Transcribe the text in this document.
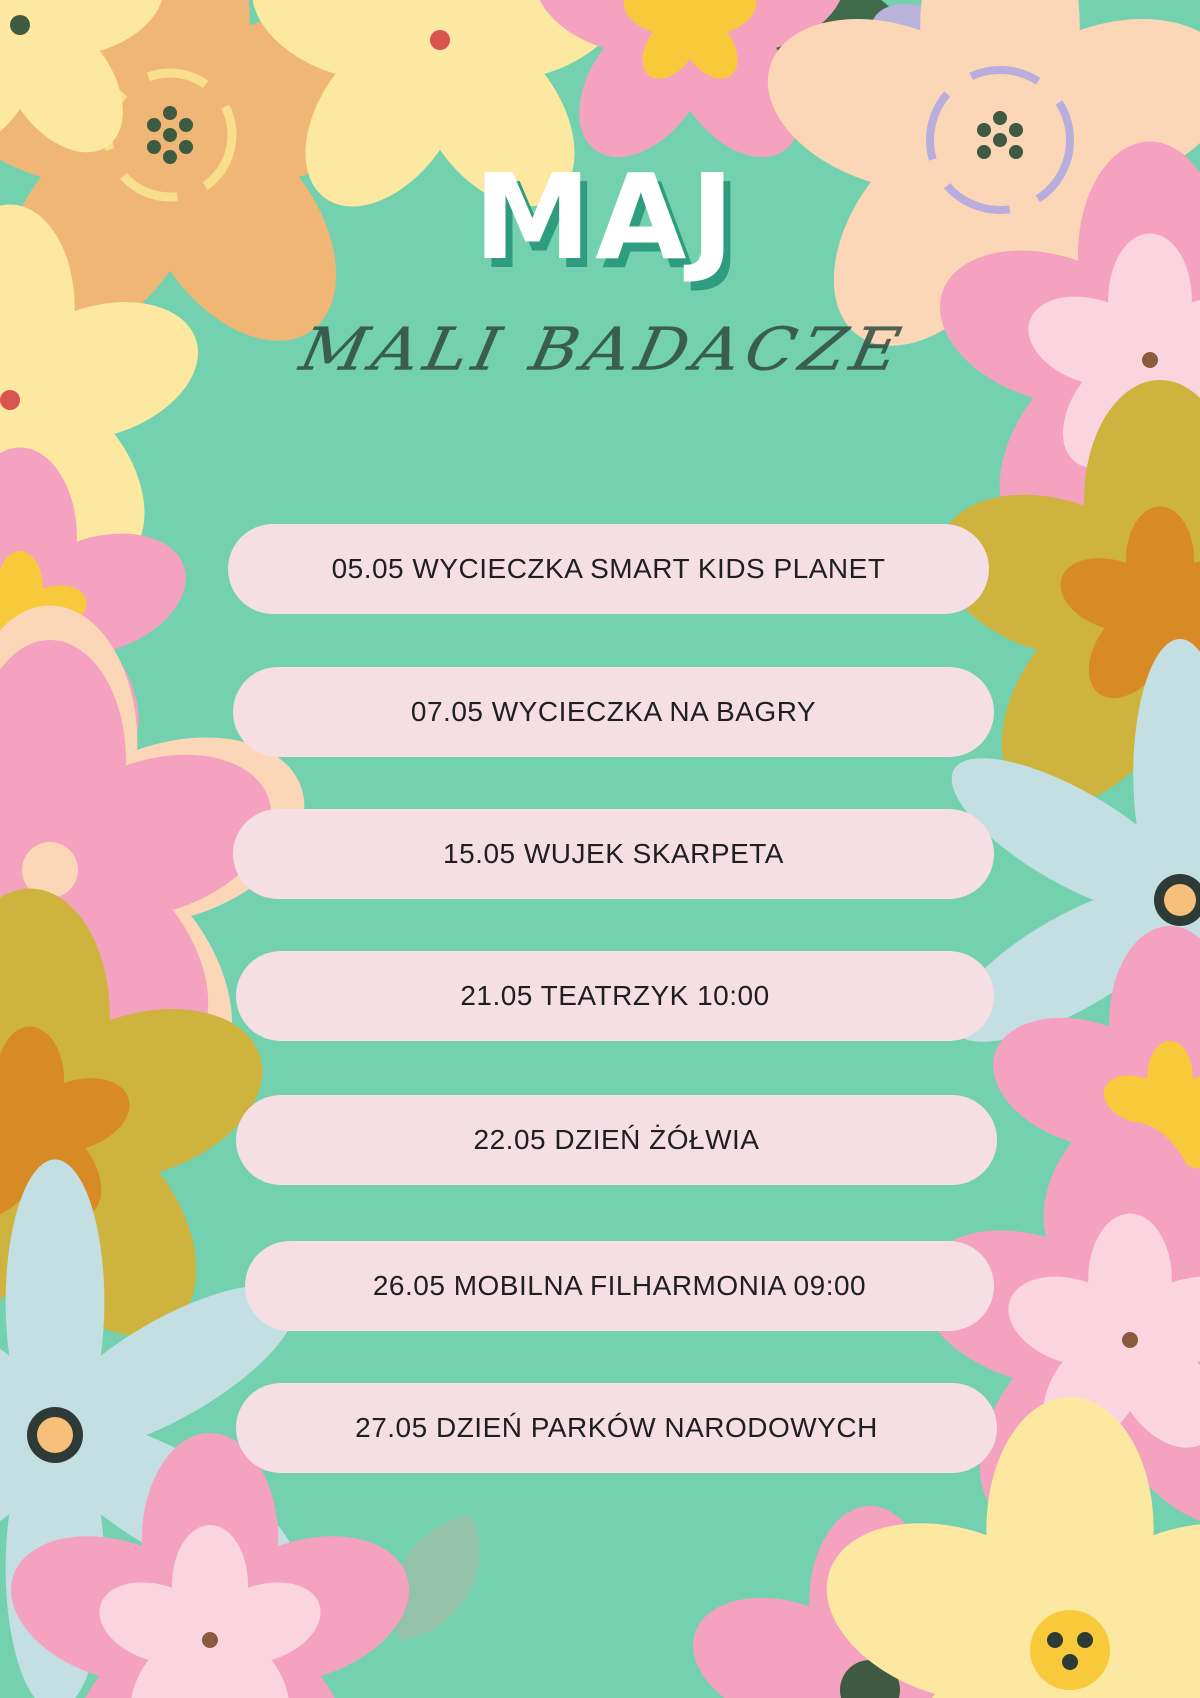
MAJ
MALI BADACZE
05.05 WYCIECZKA SMART KIDS PLANET
07.05 WYCIECZKA NA BAGRY
15.05 WUJEK SKARPETA
21.05 TEATRZYK 10:00
22.05 DZIEŃ ŻÓŁWIA
26.05 MOBILNA FILHARMONIA 09:00
27.05 DZIEŃ PARKÓW NARODOWYCH
